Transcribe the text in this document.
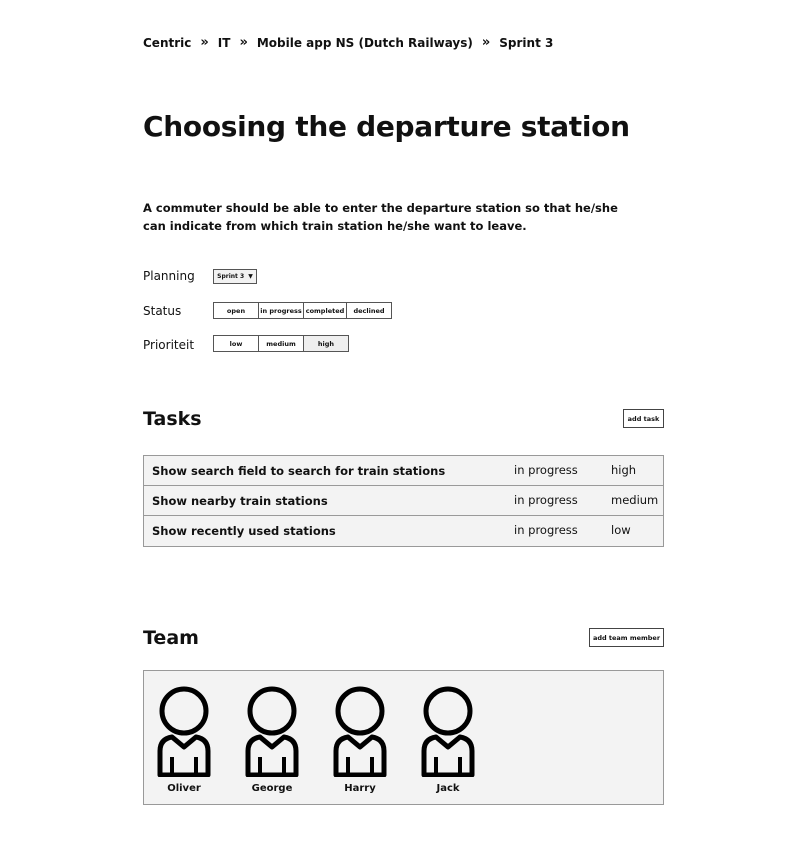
Centric » IT » Mobile app NS (Dutch Railways) » Sprint 3
Choosing the departure station
A commuter should be able to enter the departure station so that he/she can indicate from which train station he/she want to leave.
Planning	Sprint 3 ▼
Status	open	in progress completed	declined
Prioriteit	low	medium	high
Tasks	add task
Show search field to search for train stations	in progress	high
Show nearby train stations	in progress	medium
Show recently used stations	in progress	low
Team	add team member
Oliver	George	Harry	Jack
